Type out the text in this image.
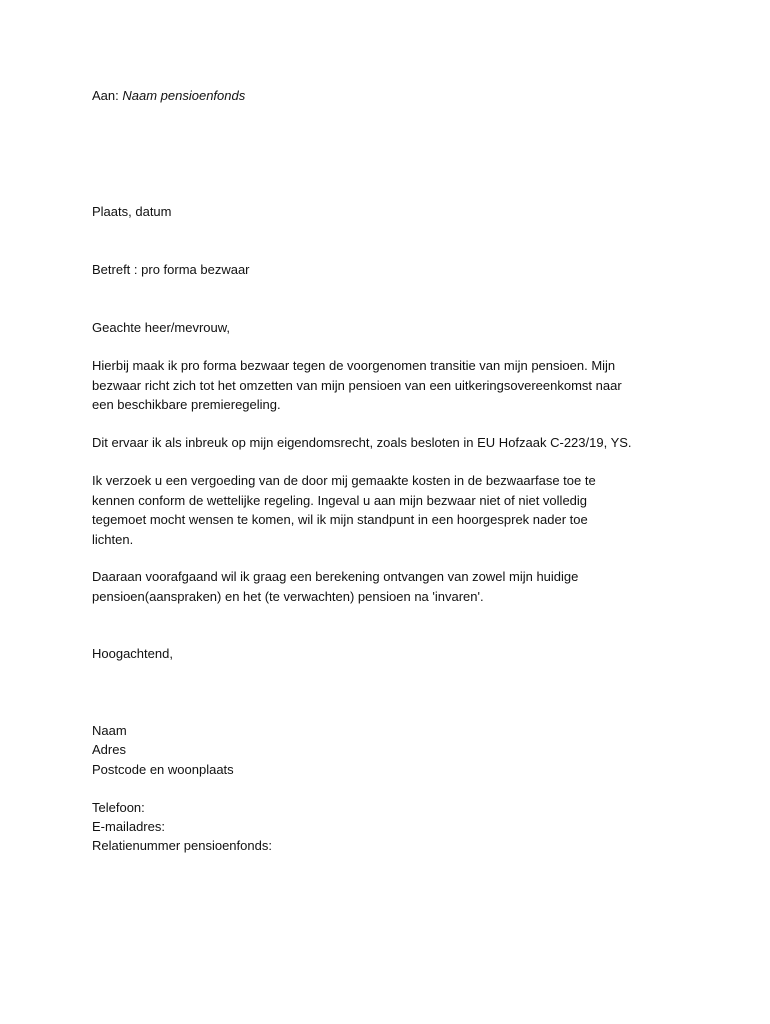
Aan: Naam pensioenfonds

Plaats, datum

Betreft : pro forma bezwaar

Geachte heer/mevrouw,

Hierbij maak ik pro forma bezwaar tegen de voorgenomen transitie van mijn pensioen. Mijn
bezwaar richt zich tot het omzetten van mijn pensioen van een uitkeringsovereenkomst naar
een beschikbare premieregeling.
Dit ervaar ik als inbreuk op mijn eigendomsrecht, zoals besloten in EU Hofzaak C-223/19, YS.
Ik verzoek u een vergoeding van de door mij gemaakte kosten in de bezwaarfase toe te
kennen conform de wettelijke regeling. Ingeval u aan mijn bezwaar niet of niet volledig
tegemoet mocht wensen te komen, wil ik mijn standpunt in een hoorgesprek nader toe
lichten.
Daaraan voorafgaand wil ik graag een berekening ontvangen van zowel mijn huidige
pensioen(aanspraken) en het (te verwachten) pensioen na 'invaren'.

Hoogachtend,

Naam

Adres

Postcode en woonplaats

Telefoon:

E-mailadres:

Relatienummer pensioenfonds:
